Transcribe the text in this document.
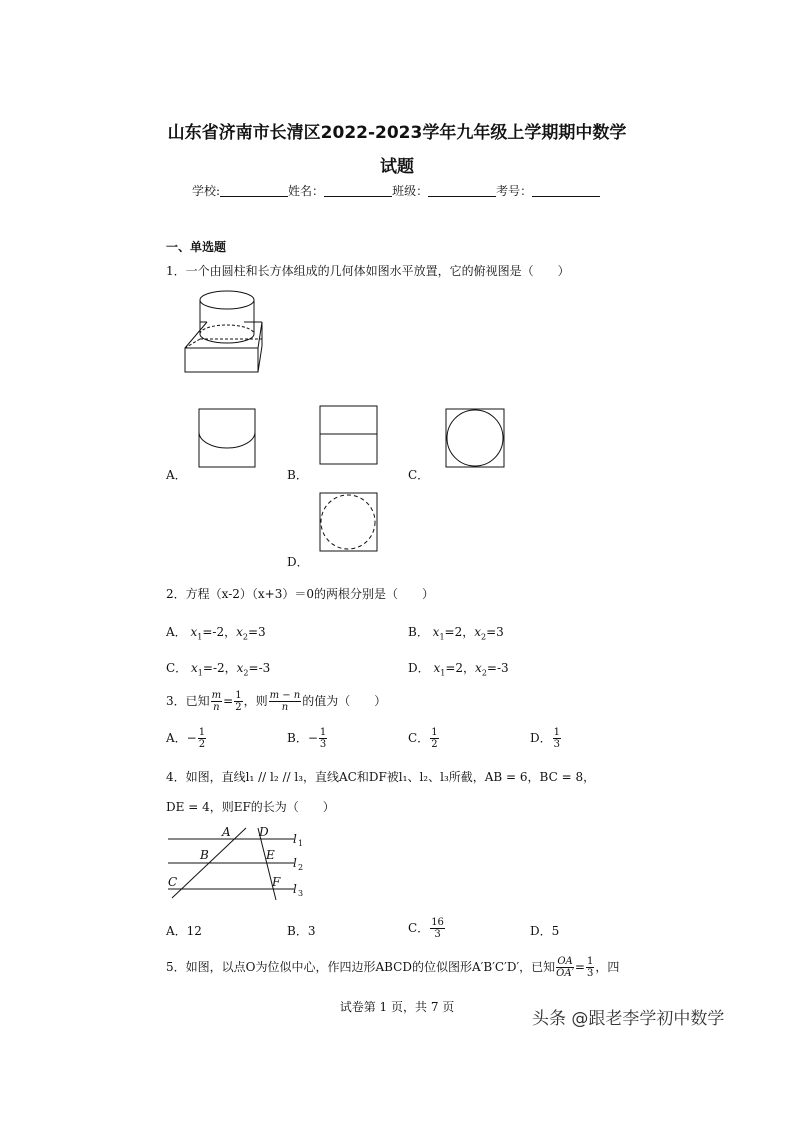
山东省济南市长清区2022-2023学年九年级上学期期中数学
试题
学校:	姓名：	班级：	考号：
一、单选题
1．一个由圆柱和长方体组成的几何体如图水平放置，它的俯视图是（　　）
A．	B．	C．
D．
2．方程（x-2）（x+3）＝0的两根分别是（　　）
A． $x_1=-2$，$x_2=3$	B． $x_1=2$，$x_2=3$
C． $x_1=-2$，$x_2=-3$	D． $x_1=2$，$x_2=-3$
3．已知 $\frac{m}{n} = \frac{1}{2}$ ，则 $\frac{m - n}{n}$ 的值为（　　）
A．− $\frac{1}{2}$	B．− $\frac{1}{3}$	C． $\frac{1}{2}$	D． $\frac{1}{3}$
4．如图，直线l₁ // l₂ // l₃，直线AC和DF被l₁、l₂、l₃所截，AB = 6，BC = 8，
DE = 4，则EF的长为（　　）
A D
B	E
C	F
l 1
l 2
l 3
A．12	B．3	C． $\frac{16}{3}$	D．5
5．如图，以点O为位似中心，作四边形ABCD的位似图形A′B′C′D′，已知 $\frac{OA}{OA'} = \frac{1}{3}$ ，四
试卷第 1 页，共 7 页
头条 @跟老李学初中数学
